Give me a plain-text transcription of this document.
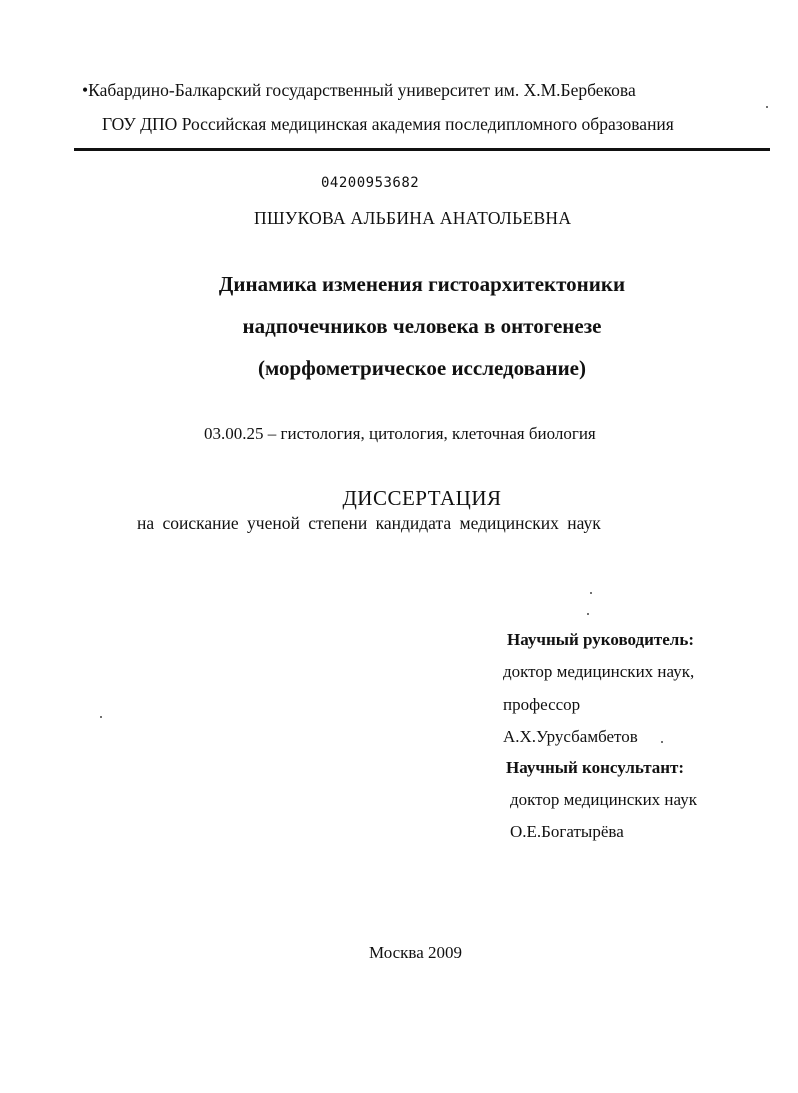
•Кабардино-Балкарский государственный университет им. Х.М.Бербекова
ГОУ ДПО Российская медицинская академия последипломного образования
04200953682
ПШУКОВА АЛЬБИНА АНАТОЛЬЕВНА
Динамика изменения гистоархитектоники
надпочечников человека в онтогенезе
(морфометрическое исследование)
03.00.25 – гистология, цитология, клеточная биология
ДИССЕРТАЦИЯ
на соискание ученой степени кандидата медицинских наук
Научный руководитель:
доктор медицинских наук,
профессор
А.Х.Урусбамбетов
Научный консультант:
доктор медицинских наук
О.Е.Богатырёва
Москва 2009
